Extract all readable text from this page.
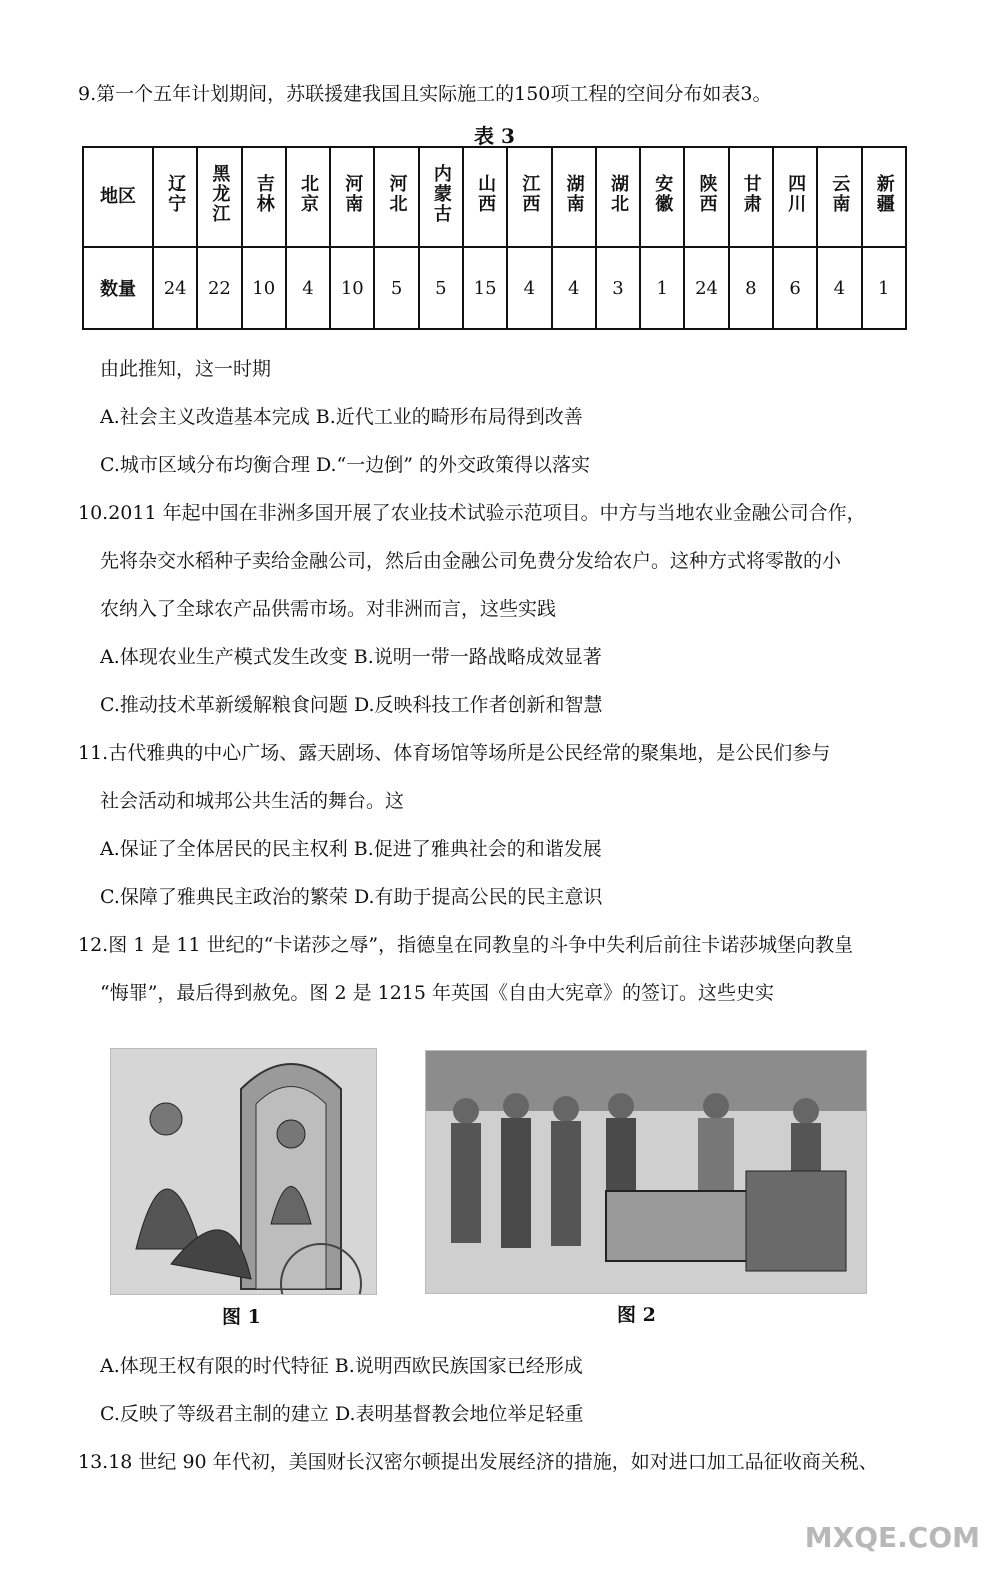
9.第一个五年计划期间，苏联援建我国且实际施工的150项工程的空间分布如表3。
表 3
地区	辽宁	黑龙江	吉林	北京	河南	河北	内蒙古	山西	江西	湖南	湖北	安徽	陕西	甘肃	四川	云南	新疆
数量	24	22	10	4	10	5	5	15	4	4	3	1	24	8	6	4	1
由此推知，这一时期
A.社会主义改造基本完成 B.近代工业的畸形布局得到改善
C.城市区域分布均衡合理 D.“一边倒” 的外交政策得以落实
10.2011 年起中国在非洲多国开展了农业技术试验示范项目。中方与当地农业金融公司合作，
先将杂交水稻种子卖给金融公司，然后由金融公司免费分发给农户。这种方式将零散的小
农纳入了全球农产品供需市场。对非洲而言，这些实践
A.体现农业生产模式发生改变 B.说明一带一路战略成效显著
C.推动技术革新缓解粮食问题 D.反映科技工作者创新和智慧
11.古代雅典的中心广场、露天剧场、体育场馆等场所是公民经常的聚集地，是公民们参与
社会活动和城邦公共生活的舞台。这
A.保证了全体居民的民主权利 B.促进了雅典社会的和谐发展
C.保障了雅典民主政治的繁荣 D.有助于提高公民的民主意识
12.图 1 是 11 世纪的“卡诺莎之辱”，指德皇在同教皇的斗争中失利后前往卡诺莎城堡向教皇
“悔罪”，最后得到赦免。图 2 是 1215 年英国《自由大宪章》的签订。这些史实
图 1	图 2
A.体现王权有限的时代特征 B.说明西欧民族国家已经形成
C.反映了等级君主制的建立 D.表明基督教会地位举足轻重
13.18 世纪 90 年代初，美国财长汉密尔顿提出发展经济的措施，如对进口加工品征收商关税、
MXQE.COM
